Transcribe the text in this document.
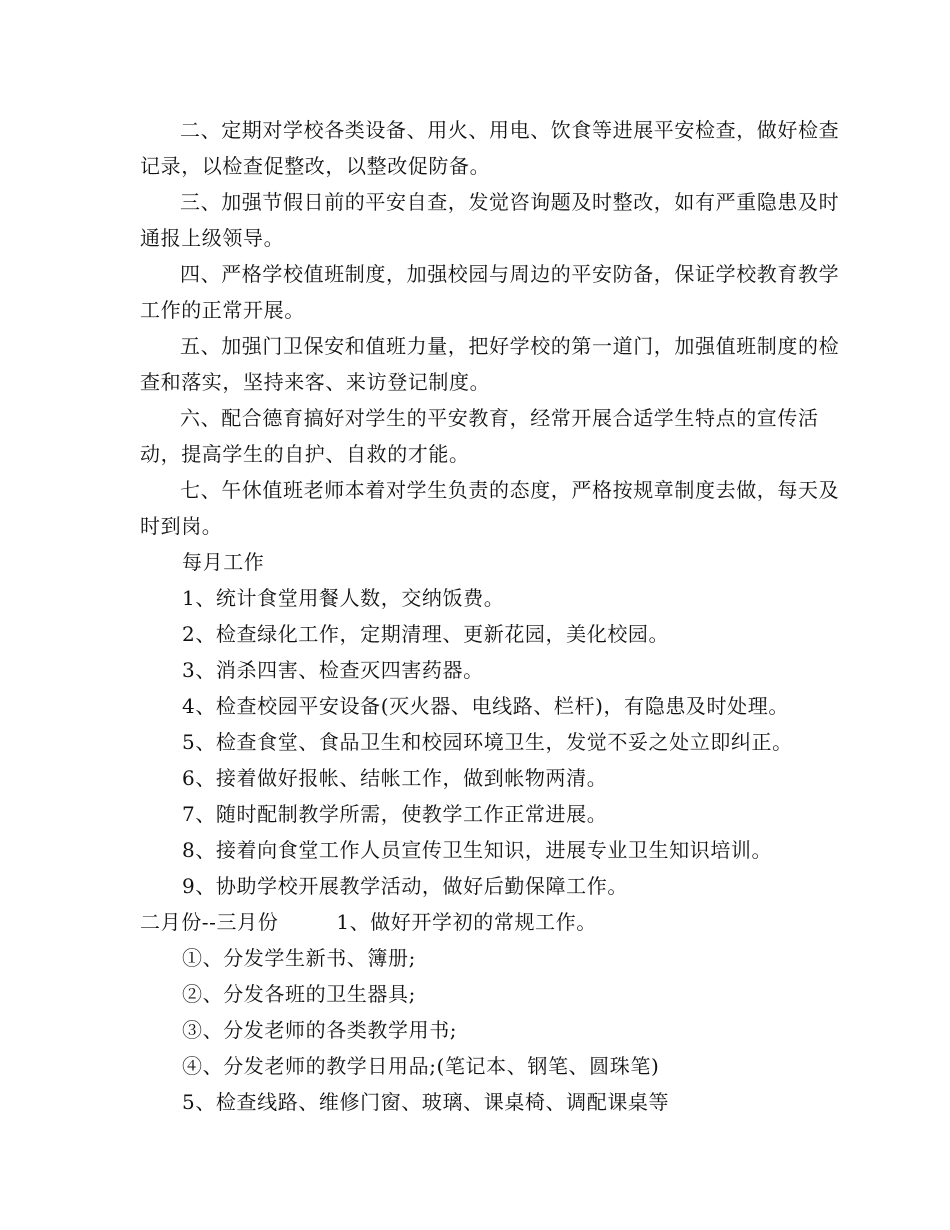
二、定期对学校各类设备、用火、用电、饮食等进展平安检查，做好检查记录，以检查促整改，以整改促防备。

三、加强节假日前的平安自查，发觉咨询题及时整改，如有严重隐患及时通报上级领导。

四、严格学校值班制度，加强校园与周边的平安防备，保证学校教育教学工作的正常开展。

五、加强门卫保安和值班力量，把好学校的第一道门，加强值班制度的检查和落实，坚持来客、来访登记制度。

六、配合德育搞好对学生的平安教育，经常开展合适学生特点的宣传活动，提高学生的自护、自救的才能。

七、午休值班老师本着对学生负责的态度，严格按规章制度去做，每天及时到岗。

每月工作

1、统计食堂用餐人数，交纳饭费。

2、检查绿化工作，定期清理、更新花园，美化校园。

3、消杀四害、检查灭四害药器。

4、检查校园平安设备(灭火器、电线路、栏杆)，有隐患及时处理。

5、检查食堂、食品卫生和校园环境卫生，发觉不妥之处立即纠正。

6、接着做好报帐、结帐工作，做到帐物两清。

7、随时配制教学所需，使教学工作正常进展。

8、接着向食堂工作人员宣传卫生知识，进展专业卫生知识培训。

9、协助学校开展教学活动，做好后勤保障工作。

二月份--三月份	1、做好开学初的常规工作。

①、分发学生新书、簿册;

②、分发各班的卫生器具;

③、分发老师的各类教学用书;

④、分发老师的教学日用品;(笔记本、钢笔、圆珠笔)

5、检查线路、维修门窗、玻璃、课桌椅、调配课桌等
